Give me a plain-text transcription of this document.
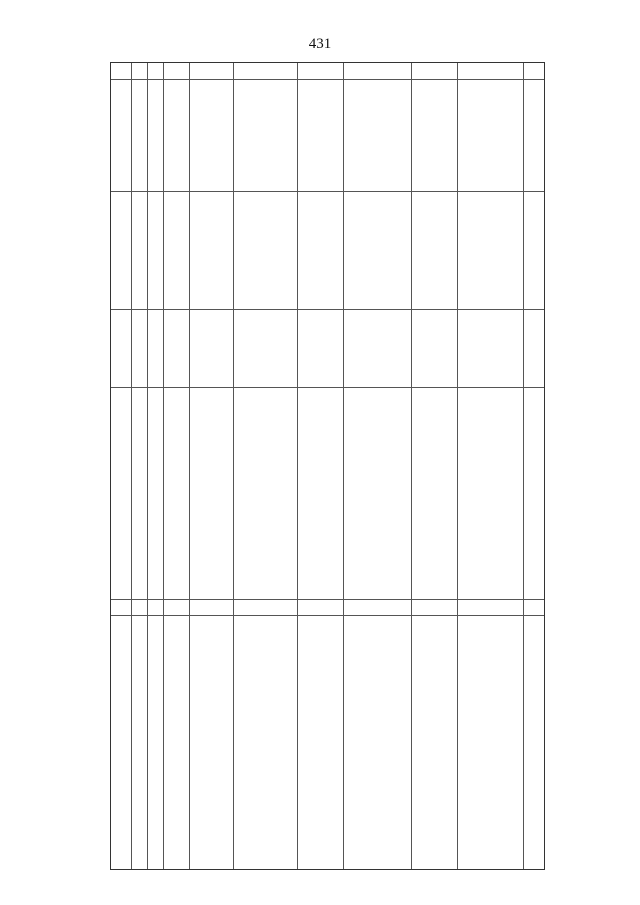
431
